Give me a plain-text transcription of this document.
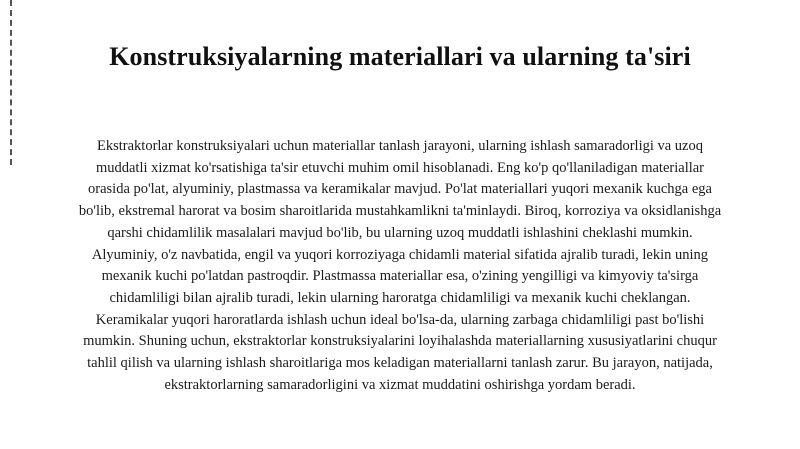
Konstruksiyalarning materiallari va ularning ta'siri

Ekstraktorlar konstruksiyalari uchun materiallar tanlash jarayoni, ularning ishlash samaradorligi va uzoq muddatli xizmat ko'rsatishiga ta'sir etuvchi muhim omil hisoblanadi. Eng ko'p qo'llaniladigan materiallar orasida po'lat, alyuminiy, plastmassa va keramikalar mavjud. Po'lat materiallari yuqori mexanik kuchga ega bo'lib, ekstremal harorat va bosim sharoitlarida mustahkamlikni ta'minlaydi. Biroq, korroziya va oksidlanishga qarshi chidamlilik masalalari mavjud bo'lib, bu ularning uzoq muddatli ishlashini cheklashi mumkin. Alyuminiy, o'z navbatida, engil va yuqori korroziyaga chidamli material sifatida ajralib turadi, lekin uning mexanik kuchi po'latdan pastroqdir. Plastmassa materiallar esa, o'zining yengilligi va kimyoviy ta'sirga chidamliligi bilan ajralib turadi, lekin ularning haroratga chidamliligi va mexanik kuchi cheklangan. Keramikalar yuqori haroratlarda ishlash uchun ideal bo'lsa-da, ularning zarbaga chidamliligi past bo'lishi mumkin. Shuning uchun, ekstraktorlar konstruksiyalarini loyihalashda materiallarning xususiyatlarini chuqur tahlil qilish va ularning ishlash sharoitlariga mos keladigan materiallarni tanlash zarur. Bu jarayon, natijada, ekstraktorlarning samaradorligini va xizmat muddatini oshirishga yordam beradi.
